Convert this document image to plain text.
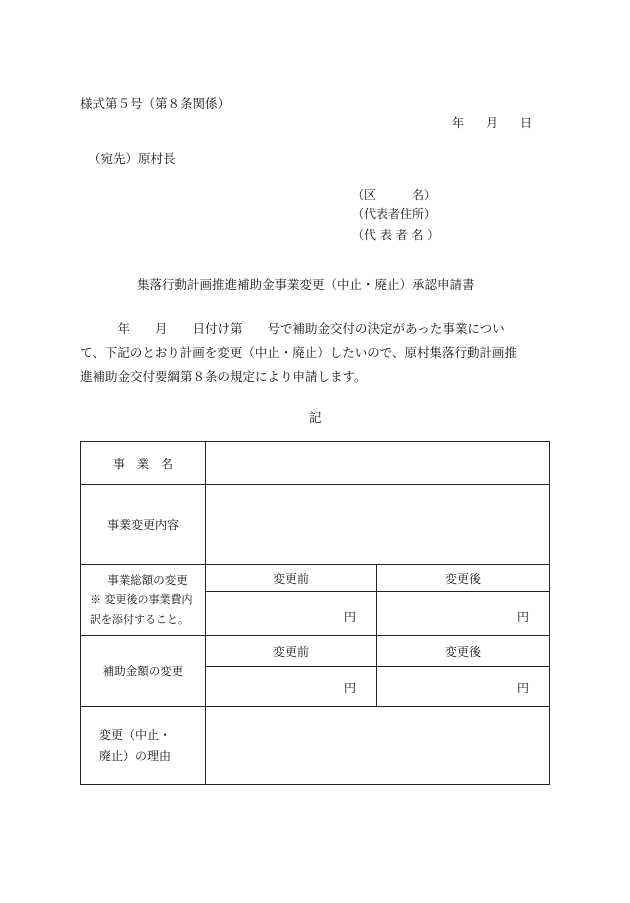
様式第５号（第８条関係）
年 月 日
（宛先）原村長
（区　　　名）
（代表者住所）
（代 表 者 名 ）
集落行動計画推進補助金事業変更（中止・廃止）承認申請書

　　　年　　月　　日付け第　　号で補助金交付の決定があった事業につい

て、下記のとおり計画を変更（中止・廃止）したいので、原村集落行動計画推

進補助金交付要綱第８条の規定により申請します。

記
事　業　名		
事業変更内容		

事業総額の変更
※ 変更後の事業費内
訳を添付すること。	変更前	変更後
	円	円
補助金額の変更	変更前	変更後
	円	円

変更（中止・
廃止）の理由		
